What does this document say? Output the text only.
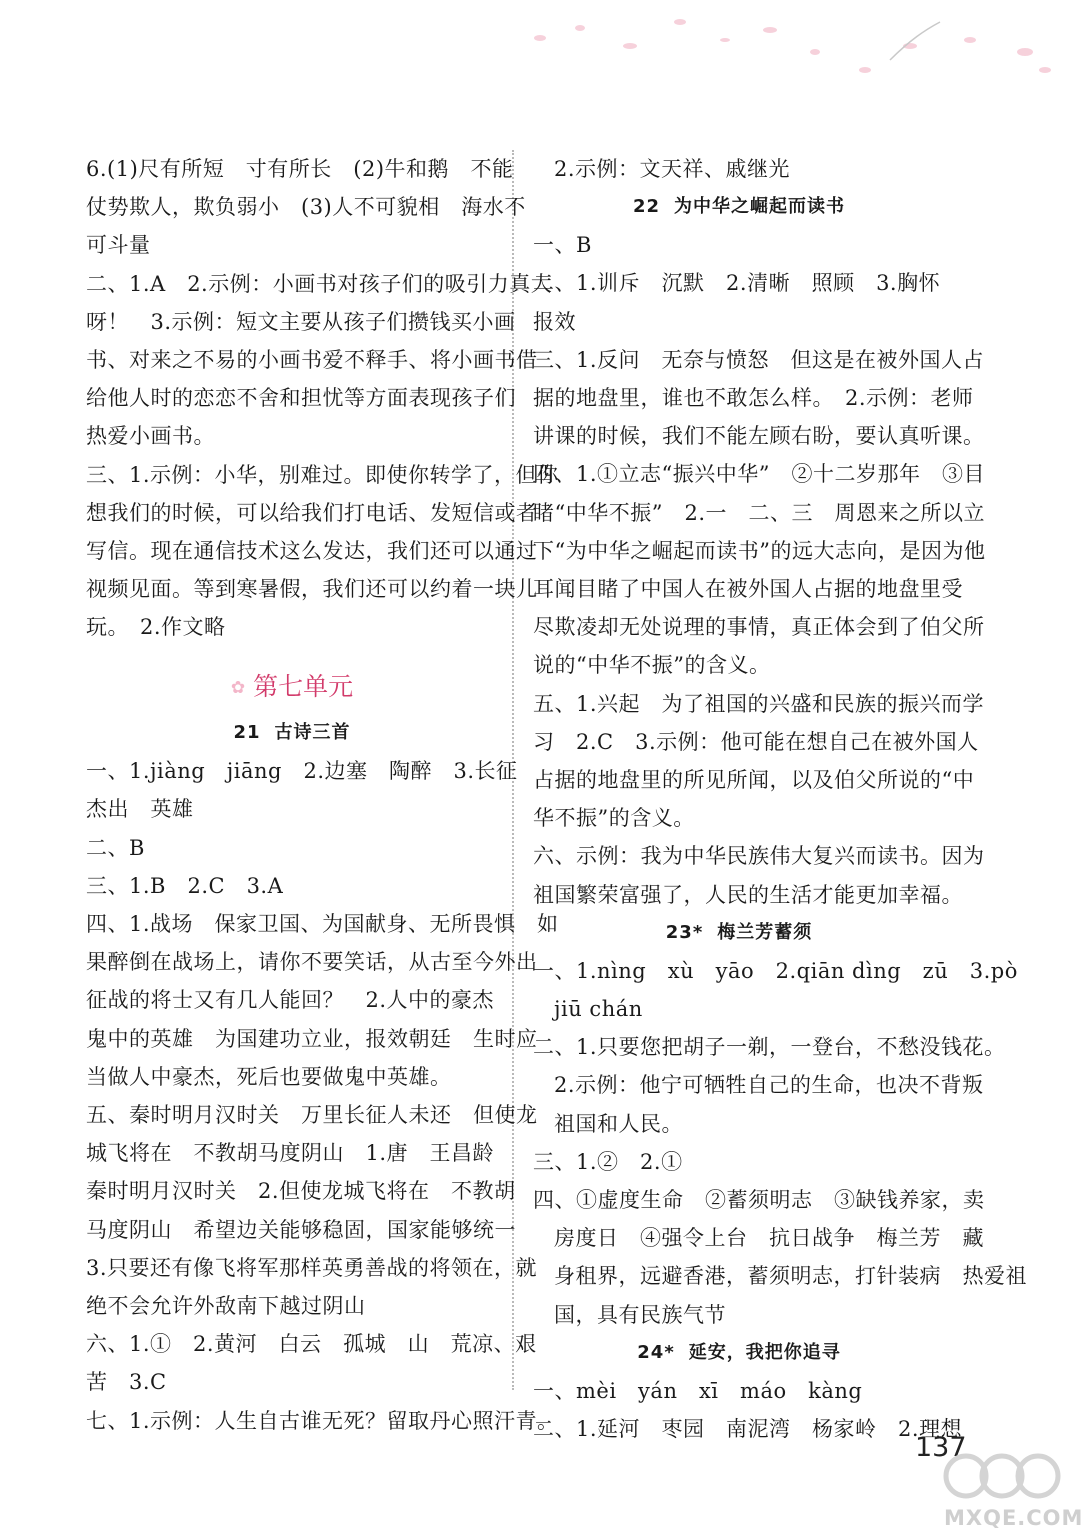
6.(1)尺有所短　寸有所长　(2)牛和鹅　不能
仗势欺人，欺负弱小　(3)人不可貌相　海水不
可斗量
二、1.A　2.示例：小画书对孩子们的吸引力真大
呀！　3.示例：短文主要从孩子们攒钱买小画
书、对来之不易的小画书爱不释手、将小画书借
给他人时的恋恋不舍和担忧等方面表现孩子们
热爱小画书。
三、1.示例：小华，别难过。即使你转学了，但你
想我们的时候，可以给我们打电话、发短信或者
写信。现在通信技术这么发达，我们还可以通过
视频见面。等到寒暑假，我们还可以约着一块儿
玩。　2.作文略
✿ 第七单元
21 古诗三首
一、1.jiàng　jiāng　2.边塞　陶醉　3.长征
杰出　英雄
二、B
三、1.B　2.C　3.A
四、1.战场　保家卫国、为国献身、无所畏惧　如
果醉倒在战场上，请你不要笑话，从古至今外出
征战的将士又有几人能回？　2.人中的豪杰
鬼中的英雄　为国建功立业，报效朝廷　生时应
当做人中豪杰，死后也要做鬼中英雄。
五、秦时明月汉时关　万里长征人未还　但使龙
城飞将在　不教胡马度阴山　1.唐　王昌龄
秦时明月汉时关　2.但使龙城飞将在　不教胡
马度阴山　希望边关能够稳固，国家能够统一
3.只要还有像飞将军那样英勇善战的将领在，就
绝不会允许外敌南下越过阴山
六、1.①　2.黄河　白云　孤城　山　荒凉、艰
苦　3.C
七、1.示例：人生自古谁无死？留取丹心照汗青。
2.示例：文天祥、戚继光
22 为中华之崛起而读书
一、B
二、1.训斥　沉默　2.清晰　照顾　3.胸怀
报效
三、1.反问　无奈与愤怒　但这是在被外国人占
据的地盘里，谁也不敢怎么样。　2.示例：老师
讲课的时候，我们不能左顾右盼，要认真听课。
四、1.①立志“振兴中华”　②十二岁那年　③目
睹“中华不振”　2.一　二、三　周恩来之所以立
下“为中华之崛起而读书”的远大志向，是因为他
耳闻目睹了中国人在被外国人占据的地盘里受
尽欺凌却无处说理的事情，真正体会到了伯父所
说的“中华不振”的含义。
五、1.兴起　为了祖国的兴盛和民族的振兴而学
习　2.C　3.示例：他可能在想自己在被外国人
占据的地盘里的所见所闻，以及伯父所说的“中
华不振”的含义。
六、示例：我为中华民族伟大复兴而读书。因为
祖国繁荣富强了，人民的生活才能更加幸福。
23* 梅兰芳蓄须
一、1.nìng　xù　yāo　2.qiān dìng　zū　3.pò
jiū chán
二、1.只要您把胡子一剃，一登台，不愁没钱花。
2.示例：他宁可牺牲自己的生命，也决不背叛
祖国和人民。
三、1.②　2.①
四、①虚度生命　②蓄须明志　③缺钱养家，卖
房度日　④强令上台　抗日战争　梅兰芳　藏
身租界，远避香港，蓄须明志，打针装病　热爱祖
国，具有民族气节
24* 延安，我把你追寻
一、mèi　yán　xī　máo　kàng
二、1.延河　枣园　南泥湾　杨家岭　2.理想
137
MXQE.COM
